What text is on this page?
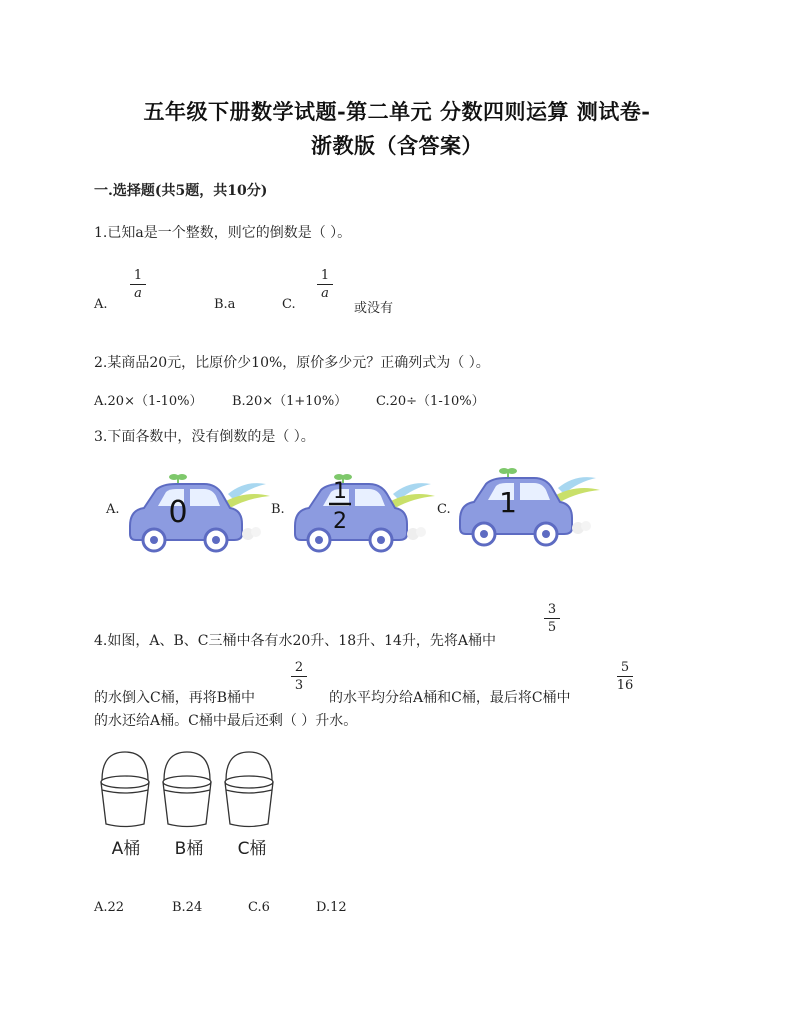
五年级下册数学试题-第二单元 分数四则运算 测试卷-
浙教版（含答案）
一.选择题(共5题，共10分)
1.已知a是一个整数，则它的倒数是（ ）。
A.
1
a
B.a	C.
1
a
或没有
2.某商品20元，比原价少10%，原价多少元？正确列式为（ ）。
A.20×（1-10%） B.20×（1+10%） C.20÷（1-10%）
3.下面各数中，没有倒数的是（ ）。
A.	B.	C.
0
1
2
1
4.如图，A、B、C三桶中各有水20升、18升、14升，先将A桶中
3
5
的水倒入C桶，再将B桶中
2
3
的水平均分给A桶和C桶，最后将C桶中
5
16
的水还给A桶。C桶中最后还剩（ ）升水。
A桶	B桶	C桶
A.22	B.24	C.6	D.12
